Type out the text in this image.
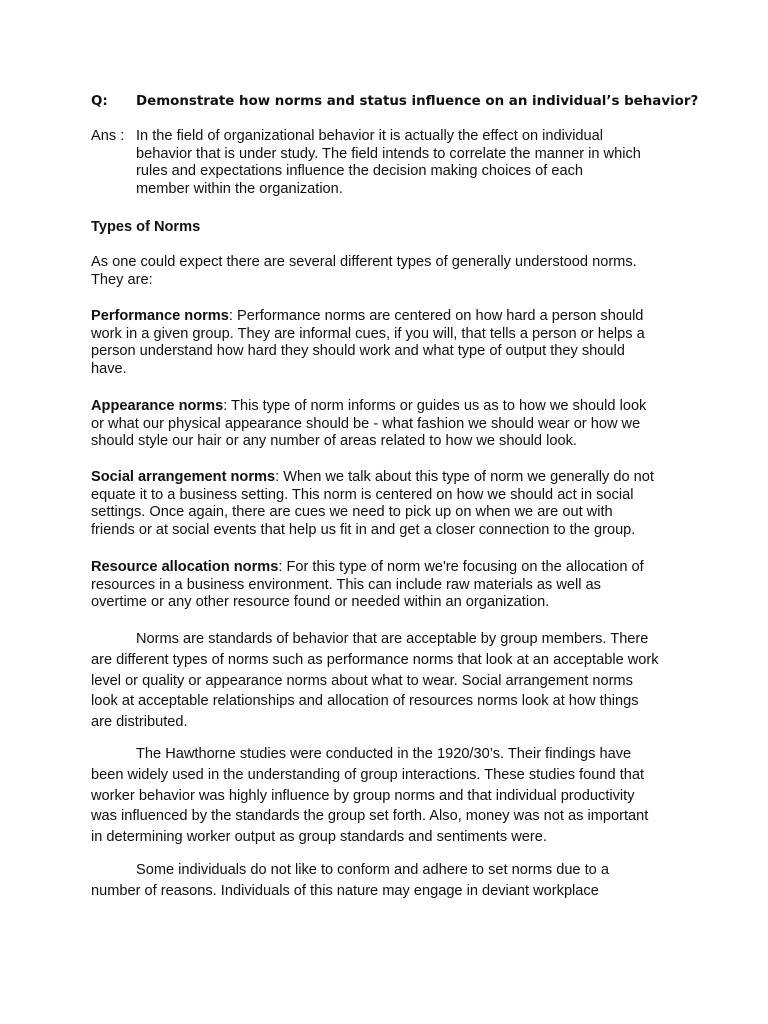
Q: Demonstrate how norms and status influence on an individual’s behavior?
Ans : In the field of organizational behavior it is actually the effect on individual
behavior that is under study. The field intends to correlate the manner in which
rules and expectations influence the decision making choices of each
member within the organization.
Types of Norms
As one could expect there are several different types of generally understood norms.
They are:
Performance norms: Performance norms are centered on how hard a person should
work in a given group. They are informal cues, if you will, that tells a person or helps a
person understand how hard they should work and what type of output they should
have.
Appearance norms: This type of norm informs or guides us as to how we should look
or what our physical appearance should be - what fashion we should wear or how we
should style our hair or any number of areas related to how we should look.
Social arrangement norms: When we talk about this type of norm we generally do not
equate it to a business setting. This norm is centered on how we should act in social
settings. Once again, there are cues we need to pick up on when we are out with
friends or at social events that help us fit in and get a closer connection to the group.
Resource allocation norms: For this type of norm we're focusing on the allocation of
resources in a business environment. This can include raw materials as well as
overtime or any other resource found or needed within an organization.
Norms are standards of behavior that are acceptable by group members. There
are different types of norms such as performance norms that look at an acceptable work
level or quality or appearance norms about what to wear. Social arrangement norms
look at acceptable relationships and allocation of resources norms look at how things
are distributed.
The Hawthorne studies were conducted in the 1920/30’s. Their findings have
been widely used in the understanding of group interactions. These studies found that
worker behavior was highly influence by group norms and that individual productivity
was influenced by the standards the group set forth. Also, money was not as important
in determining worker output as group standards and sentiments were.
Some individuals do not like to conform and adhere to set norms due to a
number of reasons. Individuals of this nature may engage in deviant workplace
